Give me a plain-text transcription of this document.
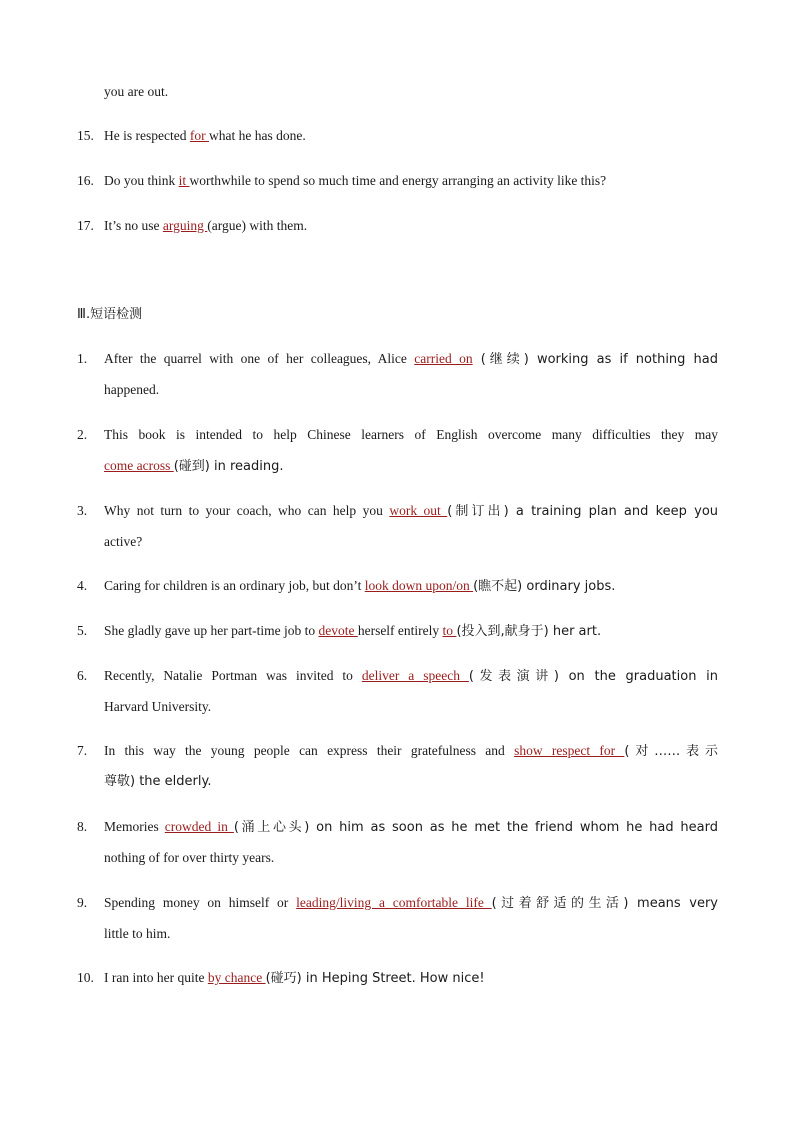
you are out.
15. He is respected for what he has done.
16. Do you think it worthwhile to spend so much time and energy arranging an activity like this?
17. It’s no use arguing (argue) with them.
Ⅲ.短语检测
1. After the quarrel with one of her colleagues, Alice carried on (继续) working as if nothing had
happened.
2. This book is intended to help Chinese learners of English overcome many difficulties they may
come across (碰到) in reading.
3. Why not turn to your coach, who can help you work out (制订出) a training plan and keep you
active?
4. Caring for children is an ordinary job, but don’t look down upon/on (瞧不起) ordinary jobs.
5. She gladly gave up her part-time job to devote herself entirely to (投入到,献身于) her art.
6. Recently, Natalie Portman was invited to deliver a speech (发表演讲) on the graduation in
Harvard University.
7. In this way the young people can express their gratefulness and show respect for (对……表示
尊敬) the elderly.
8. Memories crowded in (涌上心头) on him as soon as he met the friend whom he had heard
nothing of for over thirty years.
9. Spending money on himself or leading/living a comfortable life (过着舒适的生活) means very
little to him.
10. I ran into her quite by chance (碰巧) in Heping Street. How nice!
